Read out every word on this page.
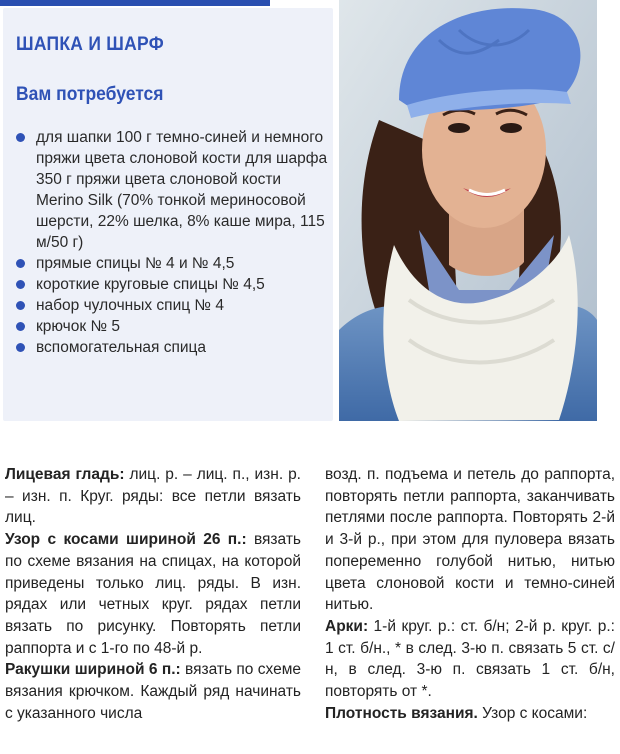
ШАПКА И ШАРФ
Вам потребуется
для шапки 100 г темно-синей и немного пряжи цвета слоновой кости для шарфа 350 г пряжи цвета слоновой кости Merino Silk (70% тонкой мериносовой шерсти, 22% шелка, 8% каше мира, 115 м/50 г)
прямые спицы № 4 и № 4,5
короткие круговые спицы № 4,5
набор чулочных спиц № 4
крючок № 5
вспомогательная спица

Лицевая гладь: лиц. р. – лиц. п., изн. р. – изн. п. Круг. ряды: все петли вязать лиц.

Узор с косами шириной 26 п.: вязать по схеме вязания на спицах, на которой приведены только лиц. ряды. В изн. рядах или четных круг. рядах петли вязать по рисунку. Повторять петли раппорта и с 1-го по 48-й р.

Ракушки шириной 6 п.: вязать по схеме вязания крючком. Каждый ряд начинать с указанного числа

возд. п. подъема и петель до раппорта, повторять петли раппорта, заканчивать петлями после раппорта. Повторять 2-й и 3-й р., при этом для пуловера вязать попеременно голубой нитью, нитью цвета слоновой кости и темно-синей нитью.

Арки: 1-й круг. р.: ст. б/н; 2-й р. круг. р.: 1 ст. б/н., * в след. 3-ю п. связать 5 ст. с/н, в след. 3-ю п. связать 1 ст. б/н, повторять от *.

Плотность вязания. Узор с косами:
